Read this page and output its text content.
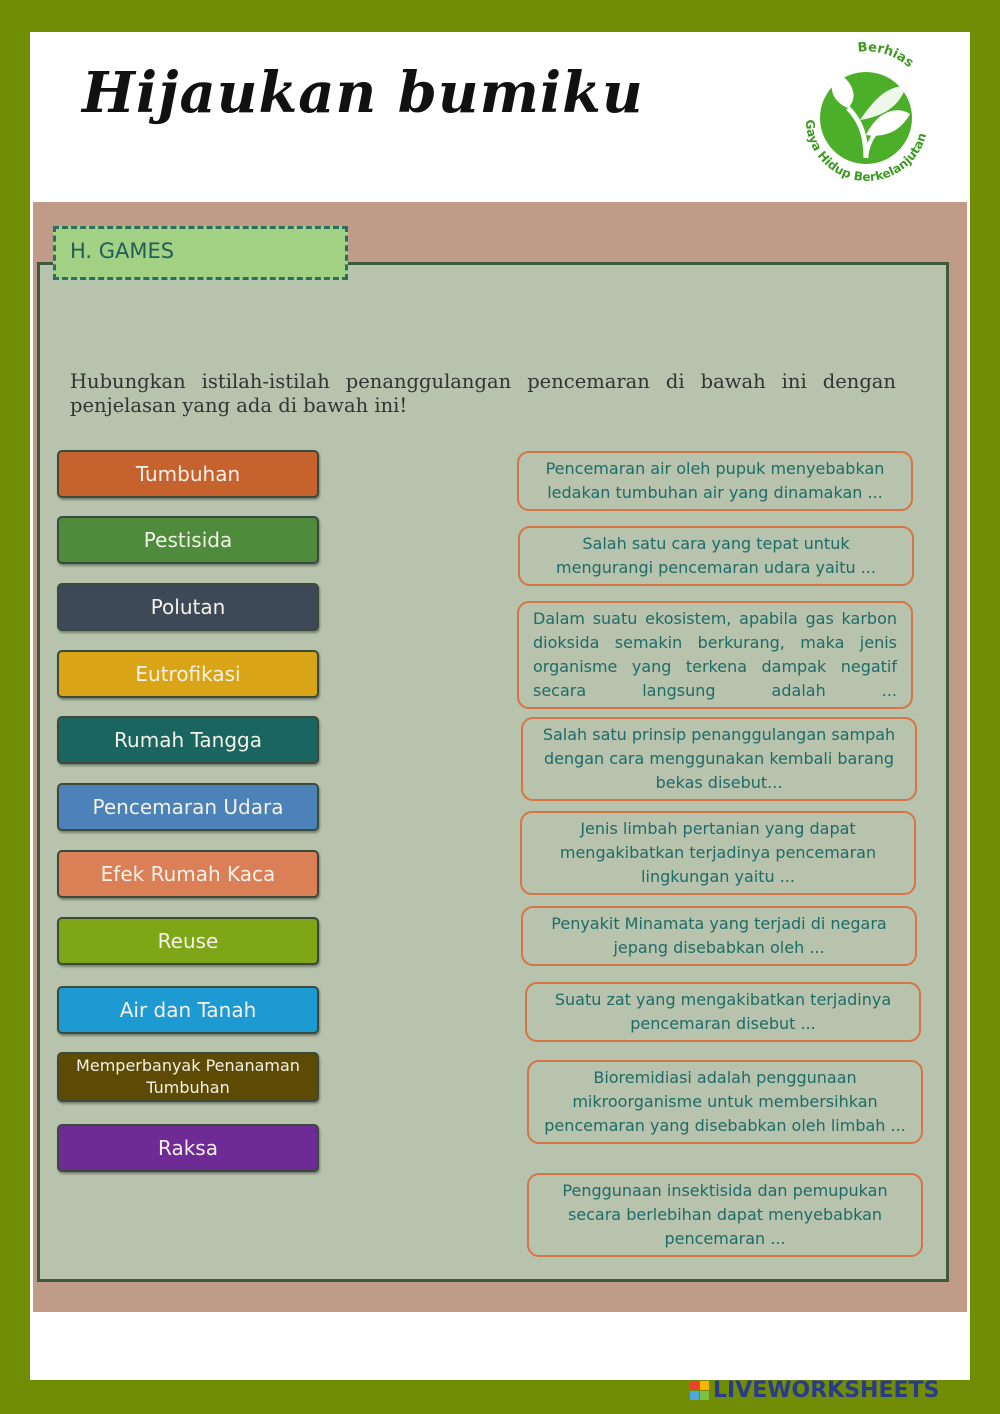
Hijaukan bumiku
Berhias
Gaya Hidup Berkelanjutan

Hubungkan istilah-istilah penanggulangan pencemaran di bawah ini dengan penjelasan yang ada di bawah ini!

Tumbuhan
Pestisida
Polutan
Eutrofikasi
Rumah Tangga
Pencemaran Udara
Efek Rumah Kaca
Reuse
Air dan Tanah
Memperbanyak Penanaman Tumbuhan
Raksa
Pencemaran air oleh pupuk menyebabkan ledakan tumbuhan air yang dinamakan ...
Salah satu cara yang tepat untuk mengurangi pencemaran udara yaitu ...
Dalam suatu ekosistem, apabila gas karbon dioksida semakin berkurang, maka jenis organisme yang terkena dampak negatif secara langsung adalah ...
Salah satu prinsip penanggulangan sampah dengan cara menggunakan kembali barang bekas disebut...
Jenis limbah pertanian yang dapat mengakibatkan terjadinya pencemaran lingkungan yaitu ...
Penyakit Minamata yang terjadi di negara jepang disebabkan oleh ...
Suatu zat yang mengakibatkan terjadinya pencemaran disebut ...
Bioremidiasi adalah penggunaan mikroorganisme untuk membersihkan pencemaran yang disebabkan oleh limbah ...
Penggunaan insektisida dan pemupukan secara berlebihan dapat menyebabkan pencemaran ...
H. GAMES
LIVEWORKSHEETS
